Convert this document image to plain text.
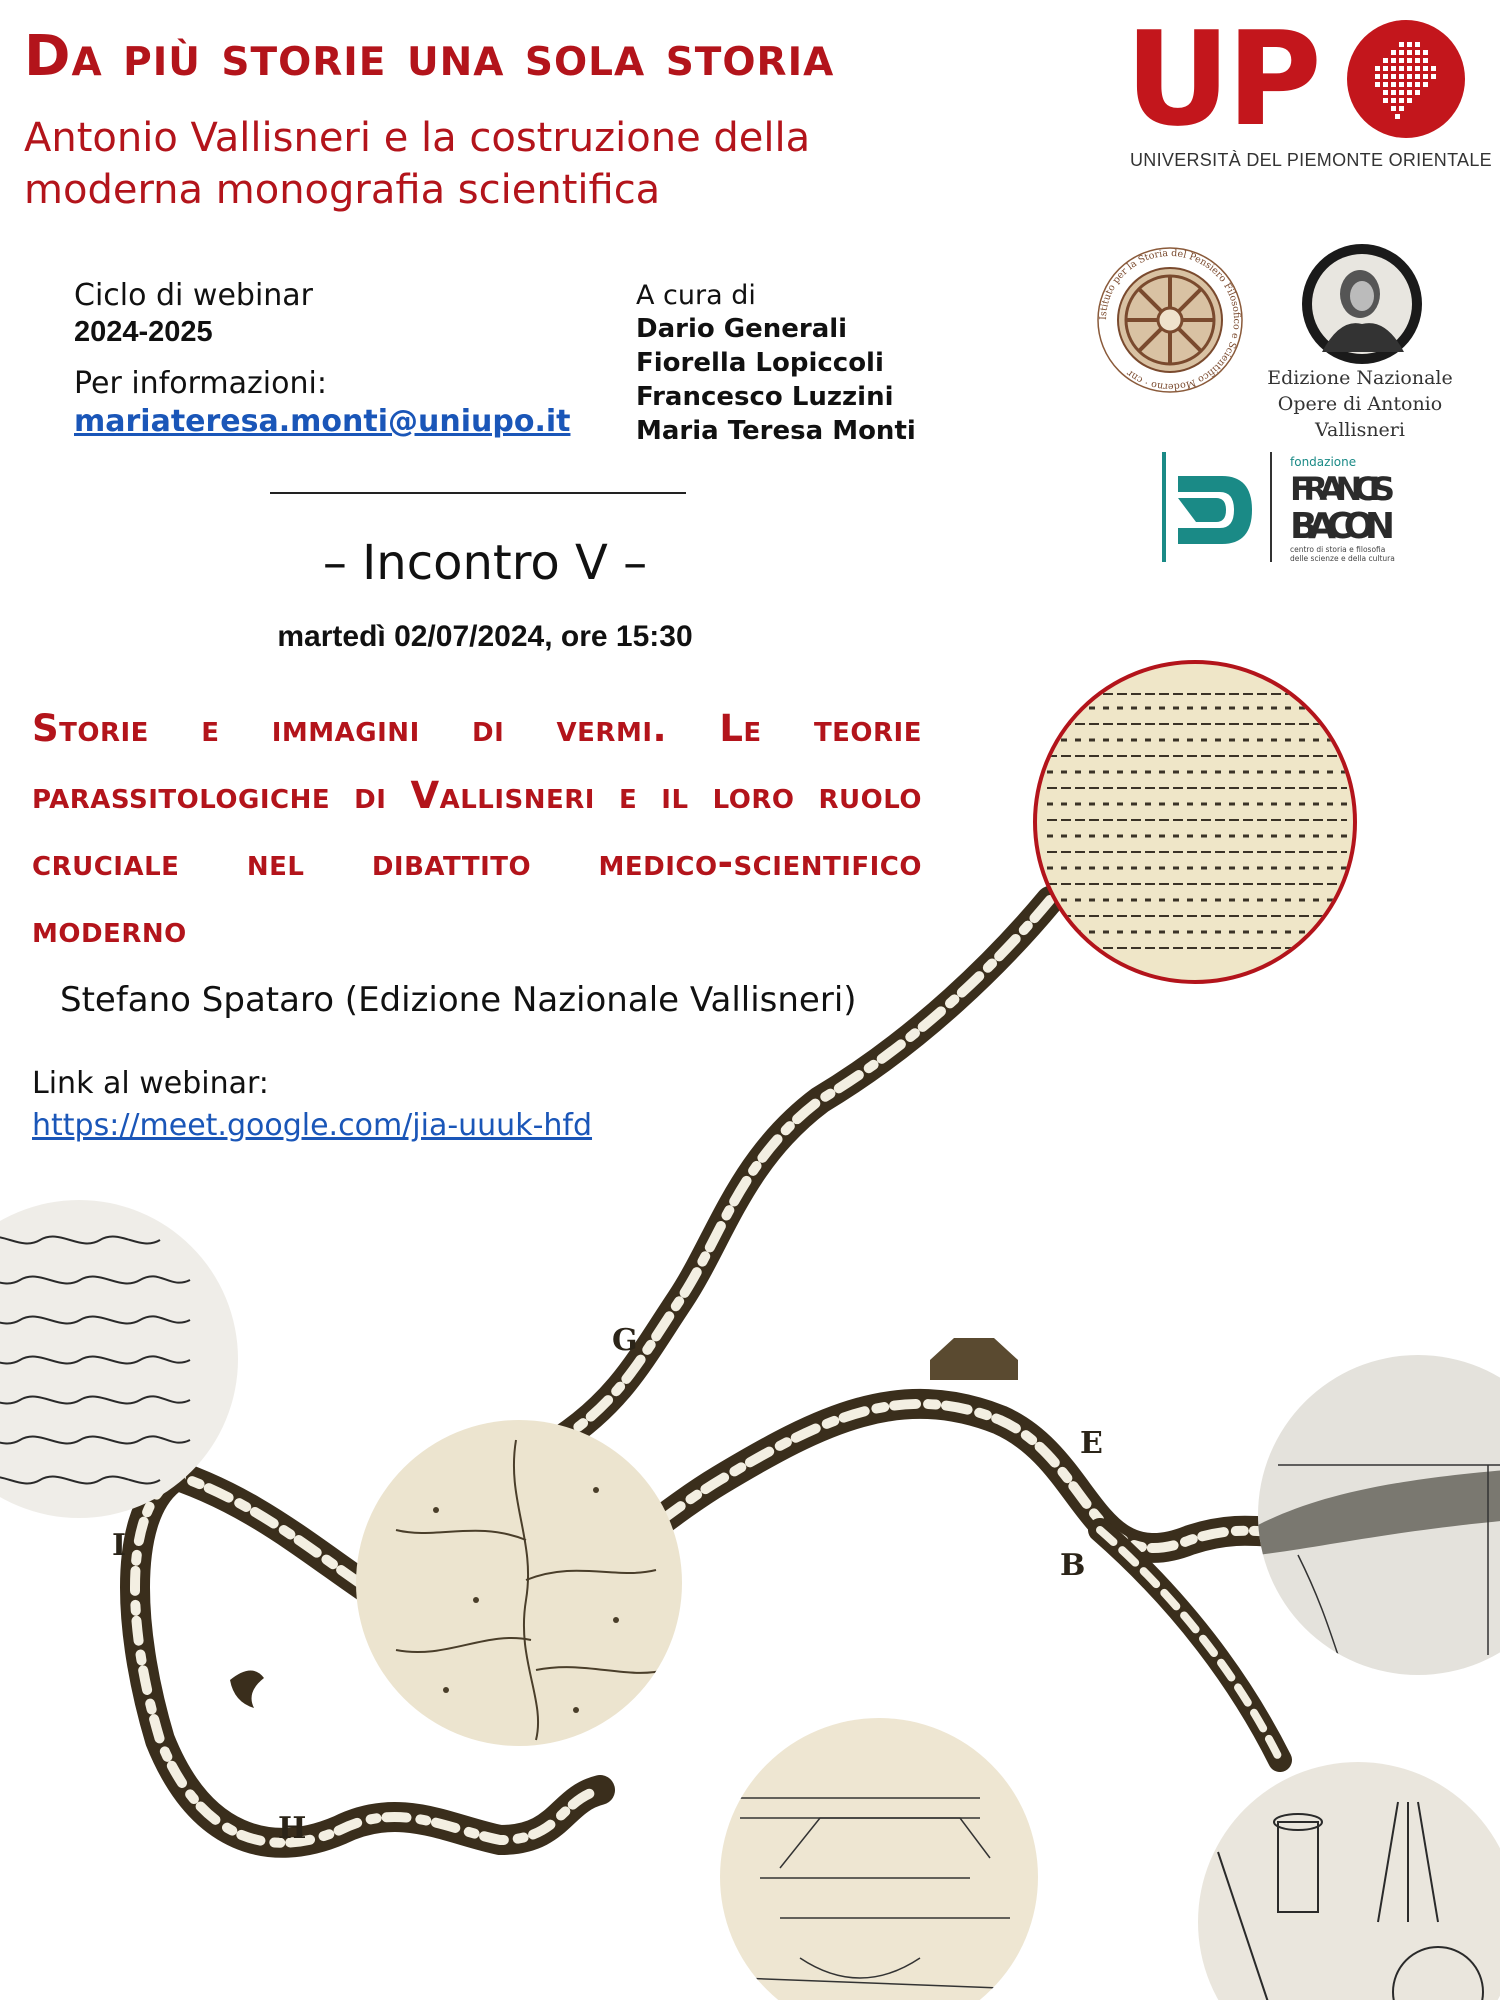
Da più storie una sola storia
Antonio Vallisneri e la costruzione della moderna monografia scientifica
UP
UNIVERSITÀ DEL PIEMONTE ORIENTALE
Ciclo di webinar
2024-2025
Per informazioni:
mariateresa.monti@uniupo.it
A cura di
Dario Generali
Fiorella Lopiccoli
Francesco Luzzini
Maria Teresa Monti
Istituto per la Storia del Pensiero Filosofico e Scientifico Moderno · cnr	Edizione Nazionale
Opere di Antonio Vallisneri
fondazione
FRANCIS
BACON
centro di storia e filosofia
delle scienze e della cultura
– Incontro V –
martedì 02/07/2024, ore 15:30
G
E
B
I
H
Storie e immagini di vermi. Le teorie parassitologiche di Vallisneri e il loro ruolo cruciale nel dibattito medico-scientifico moderno
Stefano Spataro (Edizione Nazionale Vallisneri)
Link al webinar:
https://meet.google.com/jia-uuuk-hfd
